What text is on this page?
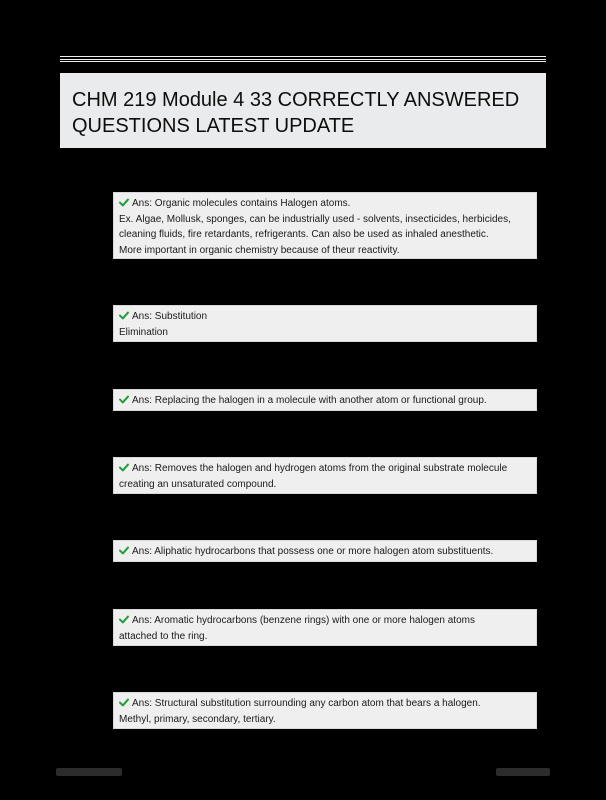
CHM 219 Module 4 33 CORRECTLY ANSWERED
QUESTIONS LATEST UPDATE
Ans: Organic molecules contains Halogen atoms.
Ex. Algae, Mollusk, sponges, can be industrially used - solvents, insecticides, herbicides,
cleaning fluids, fire retardants, refrigerants. Can also be used as inhaled anesthetic.
More important in organic chemistry because of theur reactivity.
Ans: Substitution
Elimination
Ans: Replacing the halogen in a molecule with another atom or functional group.
Ans: Removes the halogen and hydrogen atoms from the original substrate molecule
creating an unsaturated compound.
Ans: Aliphatic hydrocarbons that possess one or more halogen atom substituents.
Ans: Aromatic hydrocarbons (benzene rings) with one or more halogen atoms
attached to the ring.
Ans: Structural substitution surrounding any carbon atom that bears a halogen.
Methyl, primary, secondary, tertiary.
